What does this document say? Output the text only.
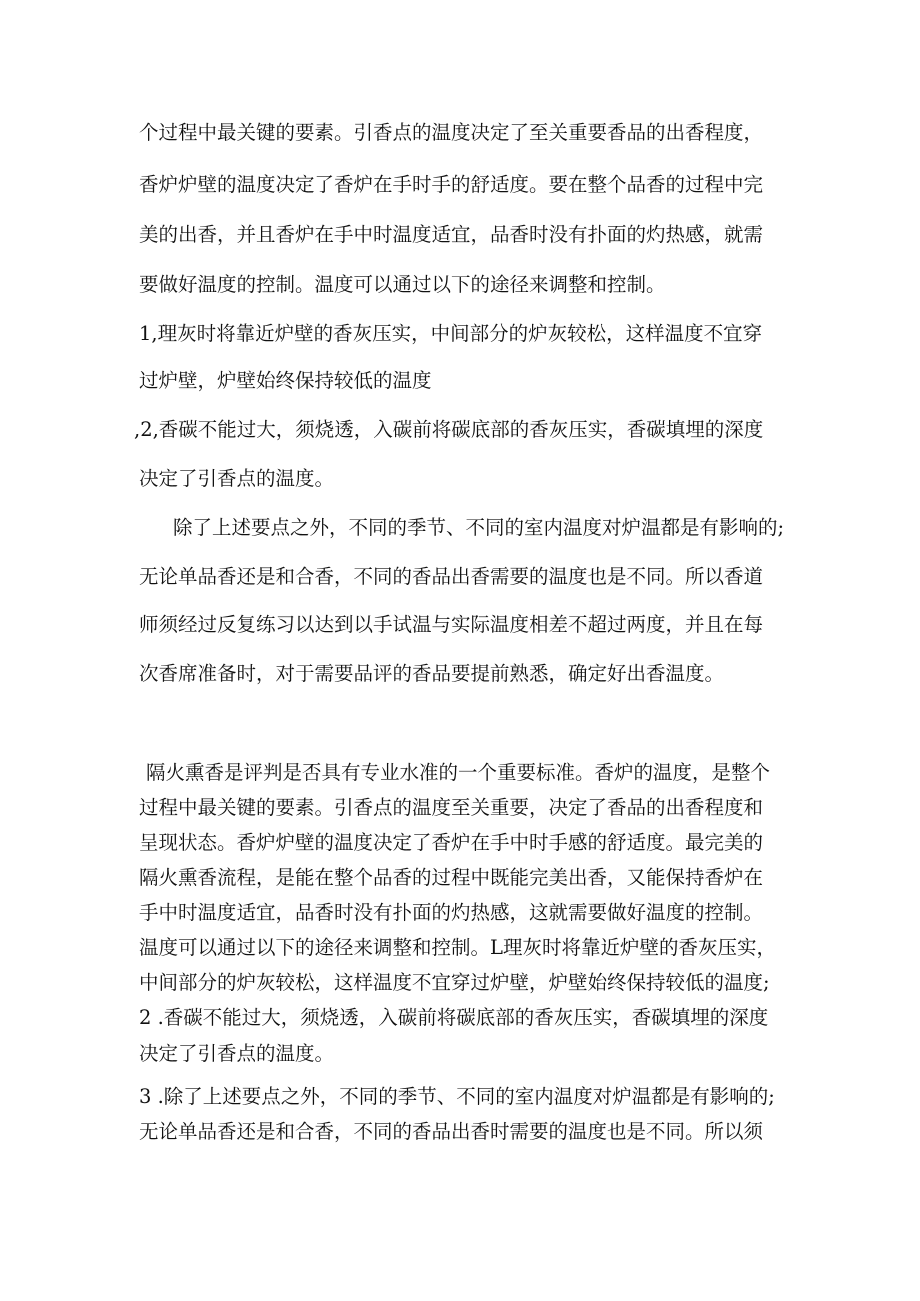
个过程中最关键的要素。引香点的温度决定了至关重要香品的出香程度，
香炉炉壁的温度决定了香炉在手时手的舒适度。要在整个品香的过程中完
美的出香，并且香炉在手中时温度适宜，品香时没有扑面的灼热感，就需
要做好温度的控制。温度可以通过以下的途径来调整和控制。
1,理灰时将靠近炉壁的香灰压实，中间部分的炉灰较松，这样温度不宜穿
过炉壁，炉壁始终保持较低的温度
,2,香碳不能过大，须烧透，入碳前将碳底部的香灰压实，香碳填埋的深度
决定了引香点的温度。
除了上述要点之外，不同的季节、不同的室内温度对炉温都是有影响的;
无论单品香还是和合香，不同的香品出香需要的温度也是不同。所以香道
师须经过反复练习以达到以手试温与实际温度相差不超过两度，并且在每
次香席准备时，对于需要品评的香品要提前熟悉，确定好出香温度。
隔火熏香是评判是否具有专业水准的一个重要标准。香炉的温度，是整个
过程中最关键的要素。引香点的温度至关重要，决定了香品的出香程度和
呈现状态。香炉炉壁的温度决定了香炉在手中时手感的舒适度。最完美的
隔火熏香流程，是能在整个品香的过程中既能完美出香，又能保持香炉在
手中时温度适宜，品香时没有扑面的灼热感，这就需要做好温度的控制。
温度可以通过以下的途径来调整和控制。L理灰时将靠近炉壁的香灰压实，
中间部分的炉灰较松，这样温度不宜穿过炉壁，炉壁始终保持较低的温度;
2 .香碳不能过大，须烧透，入碳前将碳底部的香灰压实，香碳填埋的深度
决定了引香点的温度。
3 .除了上述要点之外，不同的季节、不同的室内温度对炉温都是有影响的;
无论单品香还是和合香，不同的香品出香时需要的温度也是不同。所以须
